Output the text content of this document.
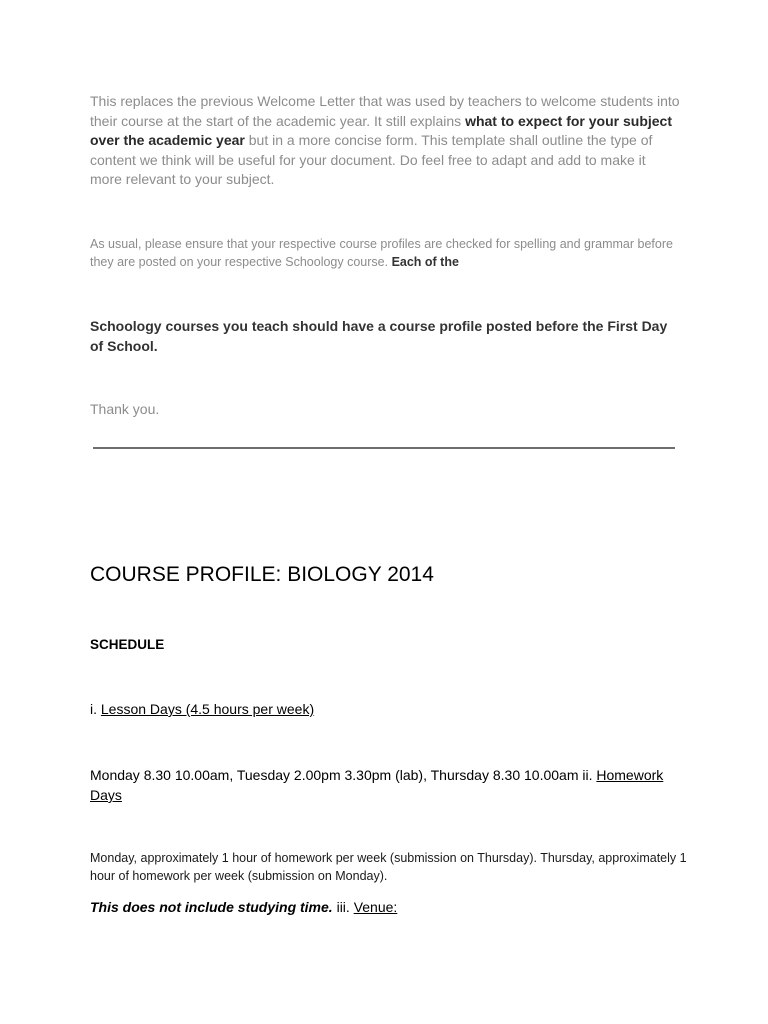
This replaces the previous Welcome Letter that was used by teachers to welcome students into their course at the start of the academic year. It still explains what to expect for your subject over the academic year but in a more concise form. This template shall outline the type of content we think will be useful for your document. Do feel free to adapt and add to make it more relevant to your subject.

As usual, please ensure that your respective course profiles are checked for spelling and grammar before they are posted on your respective Schoology course. Each of the

Schoology courses you teach should have a course profile posted before the First Day of School.

Thank you.

COURSE PROFILE: BIOLOGY 2014
SCHEDULE

i. Lesson Days (4.5 hours per week)

Monday 8.30 10.00am, Tuesday 2.00pm 3.30pm (lab), Thursday 8.30 10.00am ii. Homework Days

Monday, approximately 1 hour of homework per week (submission on Thursday). Thursday, approximately 1 hour of homework per week (submission on Monday).

This does not include studying time. iii. Venue:
